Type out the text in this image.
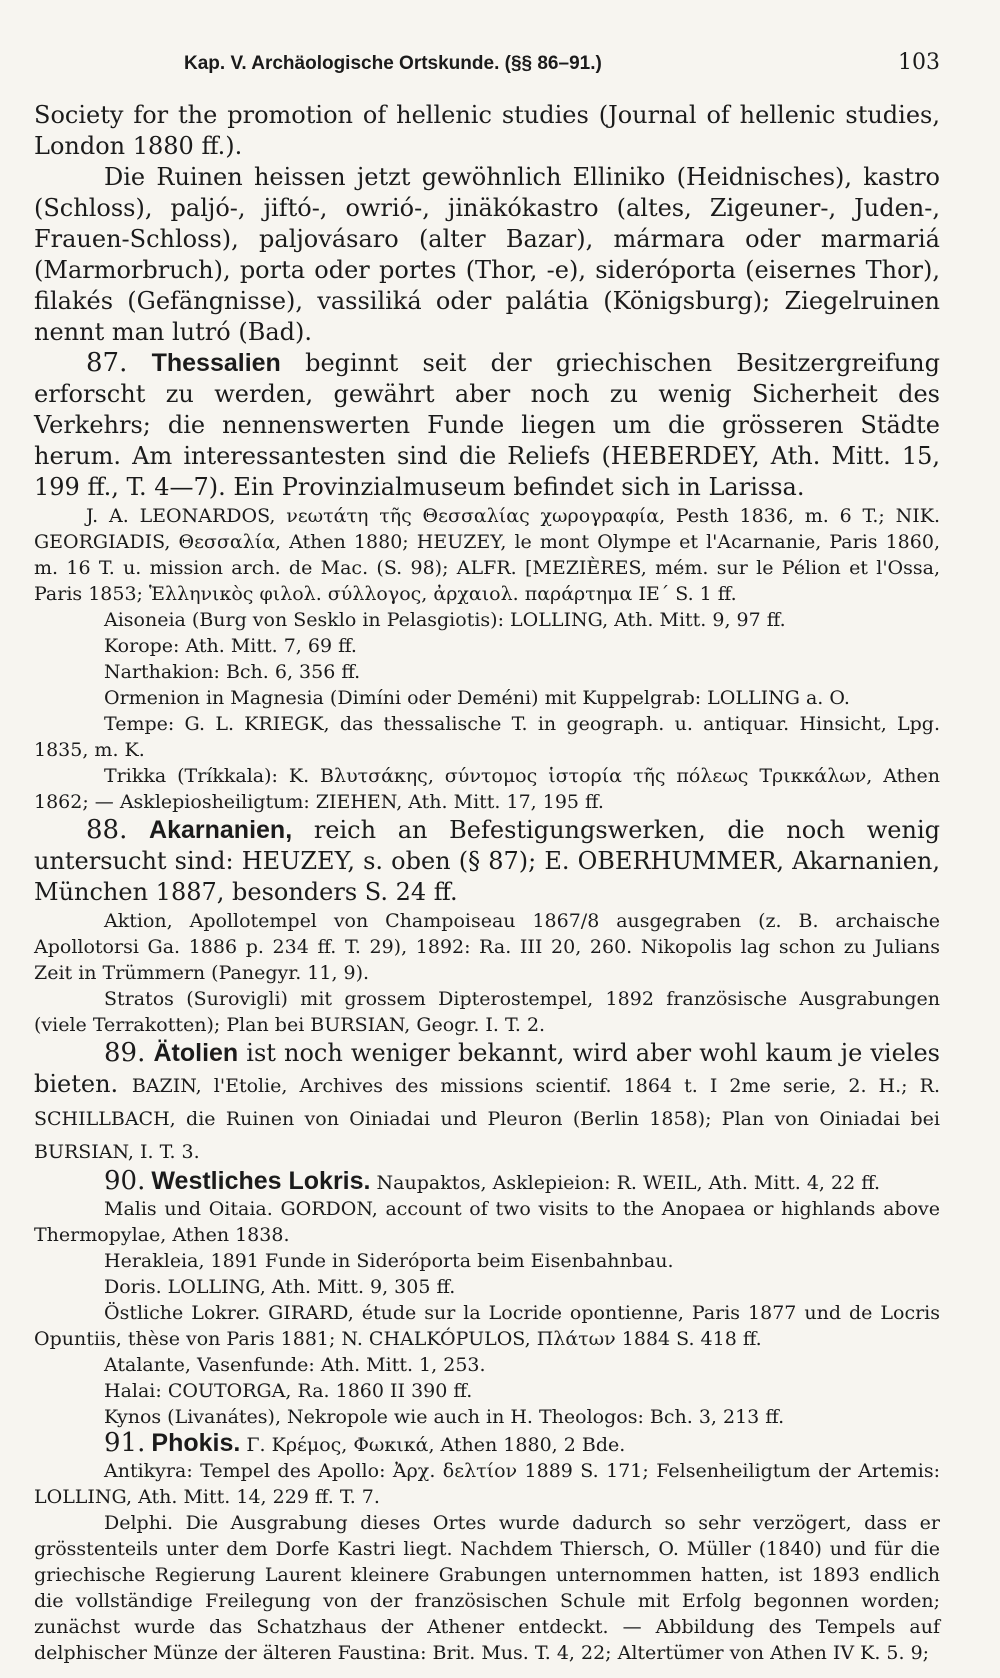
Kap. V. Archäologische Ortskunde. (§§ 86–91.)	103
Society for the promotion of hellenic studies (Journal of hellenic studies, London 1880 ff.).
Die Ruinen heissen jetzt gewöhnlich Elliniko (Heidnisches), kastro (Schloss), paljó-, jiftó-, owrió-, jinäkókastro (altes, Zigeuner-, Juden-, Frauen-Schloss), paljovásaro (alter Bazar), mármara oder marmariá (Marmorbruch), porta oder portes (Thor, -e), sideróporta (eisernes Thor), filakés (Gefängnisse), vassiliká oder palátia (Königsburg); Ziegelruinen nennt man lutró (Bad).
87. Thessalien beginnt seit der griechischen Besitzergreifung erforscht zu werden, gewährt aber noch zu wenig Sicherheit des Verkehrs; die nennenswerten Funde liegen um die grösseren Städte herum. Am interessantesten sind die Reliefs (HEBERDEY, Ath. Mitt. 15, 199 ff., T. 4—7). Ein Provinzialmuseum befindet sich in Larissa.
J. A. LEONARDOS, νεωτάτη τῆς Θεσσαλίας χωρογραφία, Pesth 1836, m. 6 T.; NIK. GEORGIADIS, Θεσσαλία, Athen 1880; HEUZEY, le mont Olympe et l'Acarnanie, Paris 1860, m. 16 T. u. mission arch. de Mac. (S. 98); ALFR. [MEZIÈRES, mém. sur le Pélion et l'Ossa, Paris 1853; Ἑλληνικὸς φιλολ. σύλλογος, ἀρχαιολ. παράρτημα ΙΕ΄ S. 1 ff.
Aisoneia (Burg von Sesklo in Pelasgiotis): LOLLING, Ath. Mitt. 9, 97 ff.
Korope: Ath. Mitt. 7, 69 ff.
Narthakion: Bch. 6, 356 ff.
Ormenion in Magnesia (Dimíni oder Deméni) mit Kuppelgrab: LOLLING a. O.
Tempe: G. L. KRIEGK, das thessalische T. in geograph. u. antiquar. Hinsicht, Lpg. 1835, m. K.
Trikka (Tríkkala): K. Βλυτσάκης, σύντομος ἱστορία τῆς πόλεως Τρικκάλων, Athen 1862; — Asklepiosheiligtum: ZIEHEN, Ath. Mitt. 17, 195 ff.
88. Akarnanien, reich an Befestigungswerken, die noch wenig untersucht sind: HEUZEY, s. oben (§ 87); E. OBERHUMMER, Akarnanien, München 1887, besonders S. 24 ff.
Aktion, Apollotempel von Champoiseau 1867/8 ausgegraben (z. B. archaische Apollotorsi Ga. 1886 p. 234 ff. T. 29), 1892: Ra. III 20, 260. Nikopolis lag schon zu Julians Zeit in Trümmern (Panegyr. 11, 9).
Stratos (Surovigli) mit grossem Dipterostempel, 1892 französische Ausgrabungen (viele Terrakotten); Plan bei BURSIAN, Geogr. I. T. 2.
89. Ätolien ist noch weniger bekannt, wird aber wohl kaum je vieles bieten. BAZIN, l'Etolie, Archives des missions scientif. 1864 t. I 2me serie, 2. H.; R. SCHILLBACH, die Ruinen von Oiniadai und Pleuron (Berlin 1858); Plan von Oiniadai bei BURSIAN, I. T. 3.
90. Westliches Lokris. Naupaktos, Asklepieion: R. WEIL, Ath. Mitt. 4, 22 ff.
Malis und Oitaia. GORDON, account of two visits to the Anopaea or highlands above Thermopylae, Athen 1838.
Herakleia, 1891 Funde in Sideróporta beim Eisenbahnbau.
Doris. LOLLING, Ath. Mitt. 9, 305 ff.
Östliche Lokrer. GIRARD, étude sur la Locride opontienne, Paris 1877 und de Locris Opuntiis, thèse von Paris 1881; N. CHALKÓPULOS, Πλάτων 1884 S. 418 ff.
Atalante, Vasenfunde: Ath. Mitt. 1, 253.
Halai: COUTORGA, Ra. 1860 II 390 ff.
Kynos (Livanátes), Nekropole wie auch in H. Theologos: Bch. 3, 213 ff.
91. Phokis. Γ. Κρέμος, Φωκικά, Athen 1880, 2 Bde.
Antikyra: Tempel des Apollo: Ἀρχ. δελτίον 1889 S. 171; Felsenheiligtum der Artemis: LOLLING, Ath. Mitt. 14, 229 ff. T. 7.
Delphi. Die Ausgrabung dieses Ortes wurde dadurch so sehr verzögert, dass er grösstenteils unter dem Dorfe Kastri liegt. Nachdem Thiersch, O. Müller (1840) und für die griechische Regierung Laurent kleinere Grabungen unternommen hatten, ist 1893 endlich die vollständige Freilegung von der französischen Schule mit Erfolg begonnen worden; zunächst wurde das Schatzhaus der Athener entdeckt. — Abbildung des Tempels auf delphischer Münze der älteren Faustina: Brit. Mus. T. 4, 22; Altertümer von Athen IV K. 5. 9;
